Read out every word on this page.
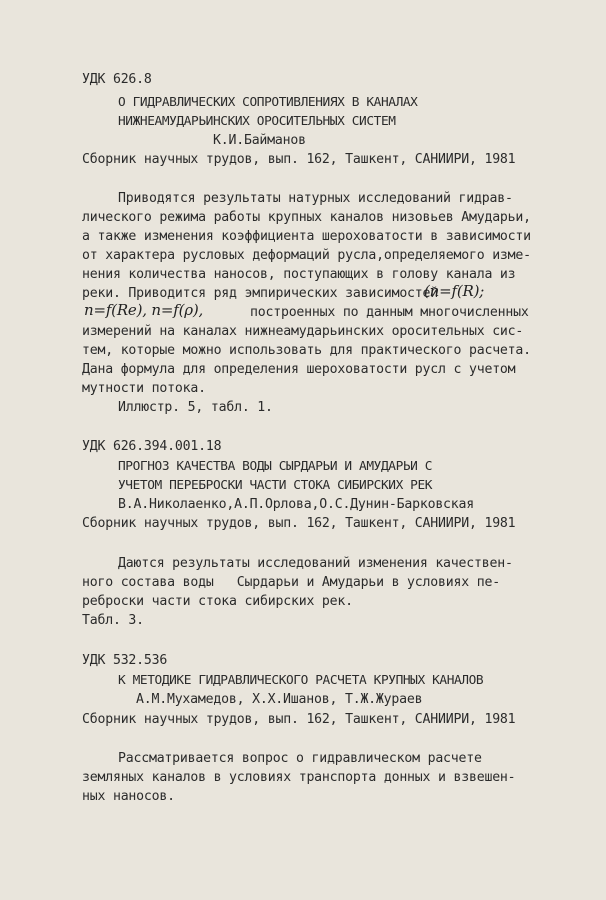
УДК 626.8
О ГИДРАВЛИЧЕСКИХ СОПРОТИВЛЕНИЯХ В КАНАЛАХ
НИЖНЕАМУДАРЬИНСКИХ ОРОСИТЕЛЬНЫХ СИСТЕМ
К.И.Байманов
Сборник научных трудов, вып. 162, Ташкент, САНИИРИ, 1981
Приводятся результаты натурных исследований гидрав-
лического режима работы крупных каналов низовьев Амударьи,
а также изменения коэффициента шероховатости в зависимости
от характера русловых деформаций русла,определяемого изме-
нения количества наносов, поступающих в голову канала из
реки. Приводится ряд эмпирических зависимостей
(n=f(R);
n=f(Re), n=f(ρ),	построенных по данным многочисленных
измерений на каналах нижнеамударьинских оросительных сис-
тем, которые можно использовать для практического расчета.
Дана формула для определения шероховатости русл с учетом
мутности потока.
Иллюстр. 5, табл. 1.
УДК 626.394.001.18
ПРОГНОЗ КАЧЕСТВА ВОДЫ СЫРДАРЬИ И АМУДАРЬИ С
УЧЕТОМ ПЕРЕБРОСКИ ЧАСТИ СТОКА СИБИРСКИХ РЕК
В.А.Николаенко,А.П.Орлова,О.С.Дунин-Барковская
Сборник научных трудов, вып. 162, Ташкент, САНИИРИ, 1981
Даются результаты исследований изменения качествен-
ного состава воды   Сырдарьи и Амударьи в условиях пе-
реброски части стока сибирских рек.
Табл. 3.
УДК 532.536
К МЕТОДИКЕ ГИДРАВЛИЧЕСКОГО РАСЧЕТА КРУПНЫХ КАНАЛОВ
А.М.Мухамедов, Х.Х.Ишанов, Т.Ж.Жураев
Сборник научных трудов, вып. 162, Ташкент, САНИИРИ, 1981
Рассматривается вопрос о гидравлическом расчете
земляных каналов в условиях транспорта донных и взвешен-
ных наносов.
